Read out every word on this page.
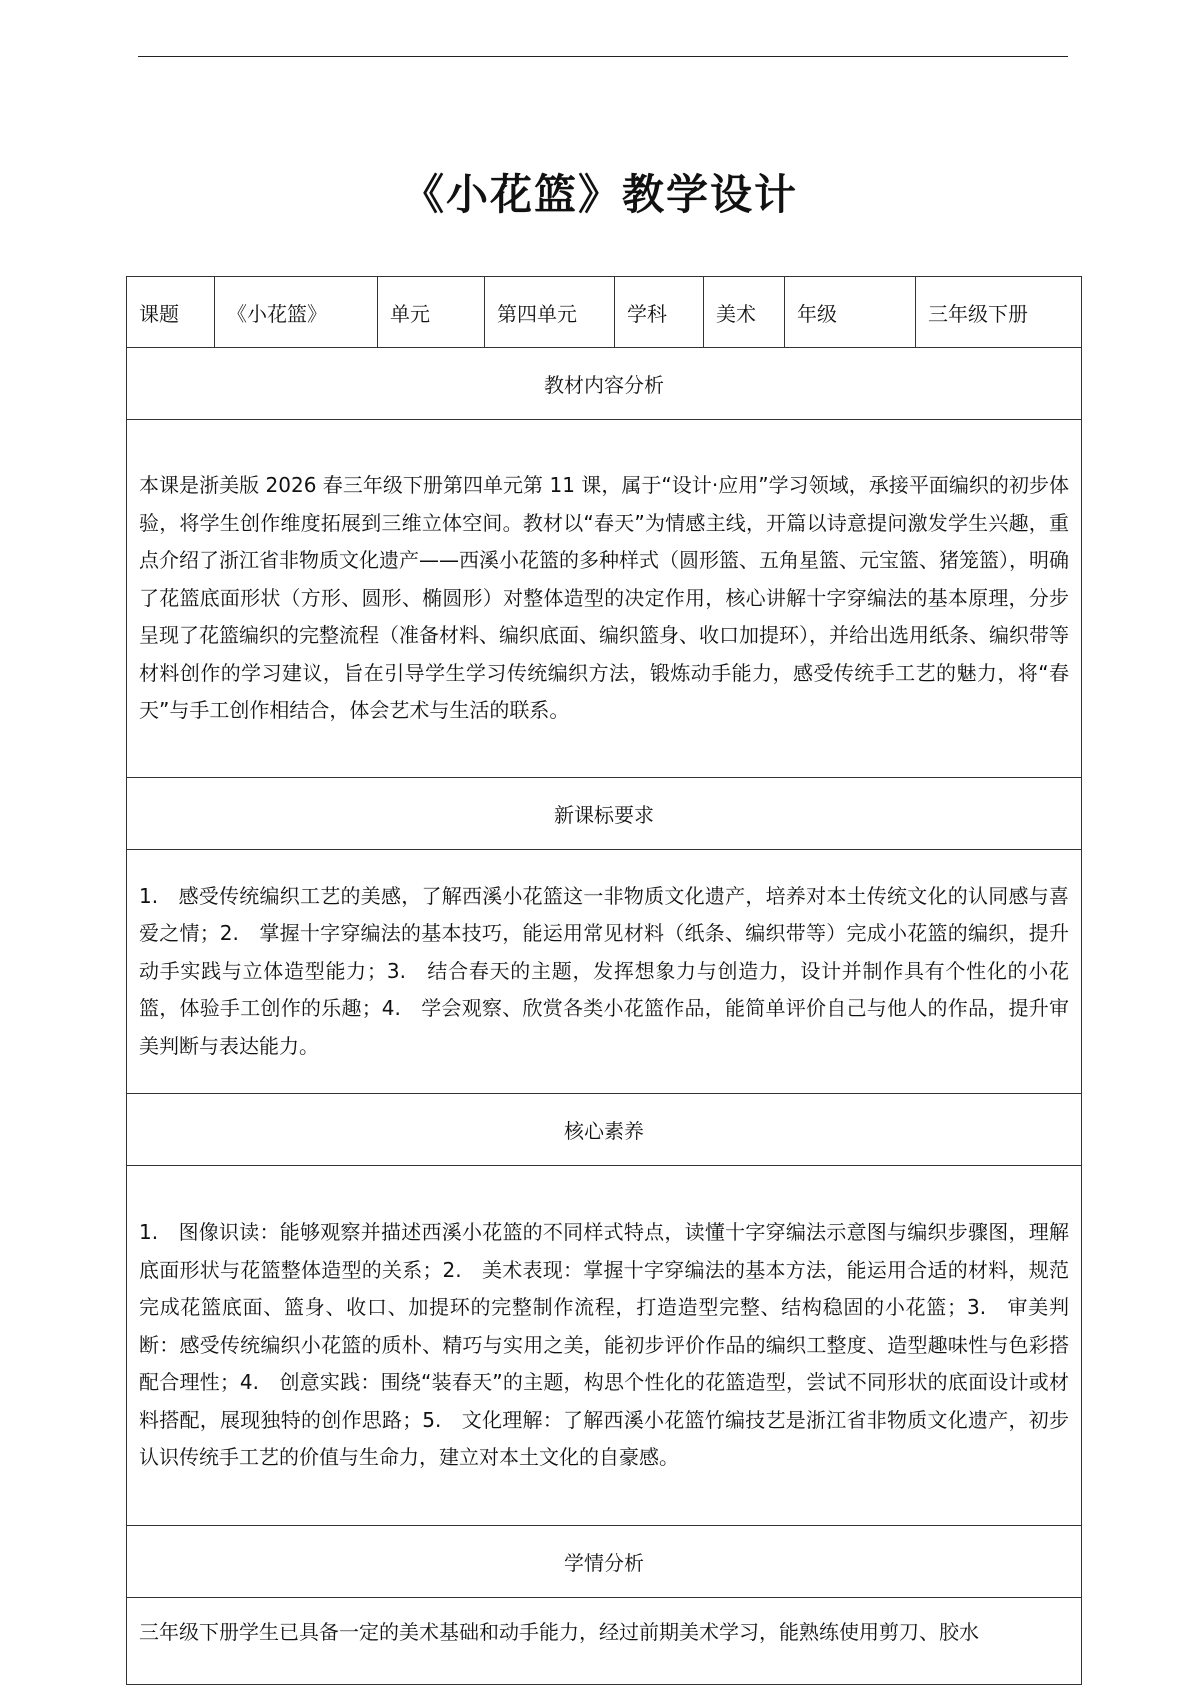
《小花篮》教学设计
课题	《小花篮》	单元	第四单元	学科	美术	年级	三年级下册
教材内容分析
本课是浙美版 2026 春三年级下册第四单元第 11 课，属于“设计·应用”学习领域，承接平面编织的初步体验，将学生创作维度拓展到三维立体空间。教材以“春天”为情感主线，开篇以诗意提问激发学生兴趣，重点介绍了浙江省非物质文化遗产——西溪小花篮的多种样式（圆形篮、五角星篮、元宝篮、猪笼篮），明确了花篮底面形状（方形、圆形、椭圆形）对整体造型的决定作用，核心讲解十字穿编法的基本原理，分步呈现了花篮编织的完整流程（准备材料、编织底面、编织篮身、收口加提环），并给出选用纸条、编织带等材料创作的学习建议，旨在引导学生学习传统编织方法，锻炼动手能力，感受传统手工艺的魅力，将“春天”与手工创作相结合，体会艺术与生活的联系。
新课标要求
1.　感受传统编织工艺的美感，了解西溪小花篮这一非物质文化遗产，培养对本土传统文化的认同感与喜爱之情；2.　掌握十字穿编法的基本技巧，能运用常见材料（纸条、编织带等）完成小花篮的编织，提升动手实践与立体造型能力；3.　结合春天的主题，发挥想象力与创造力，设计并制作具有个性化的小花篮，体验手工创作的乐趣；4.　学会观察、欣赏各类小花篮作品，能简单评价自己与他人的作品，提升审美判断与表达能力。
核心素养
1.　图像识读：能够观察并描述西溪小花篮的不同样式特点，读懂十字穿编法示意图与编织步骤图，理解底面形状与花篮整体造型的关系；2.　美术表现：掌握十字穿编法的基本方法，能运用合适的材料，规范完成花篮底面、篮身、收口、加提环的完整制作流程，打造造型完整、结构稳固的小花篮；3.　审美判断：感受传统编织小花篮的质朴、精巧与实用之美，能初步评价作品的编织工整度、造型趣味性与色彩搭配合理性；4.　创意实践：围绕“装春天”的主题，构思个性化的花篮造型，尝试不同形状的底面设计或材料搭配，展现独特的创作思路；5.　文化理解：了解西溪小花篮竹编技艺是浙江省非物质文化遗产，初步认识传统手工艺的价值与生命力，建立对本土文化的自豪感。
学情分析
三年级下册学生已具备一定的美术基础和动手能力，经过前期美术学习，能熟练使用剪刀、胶水
